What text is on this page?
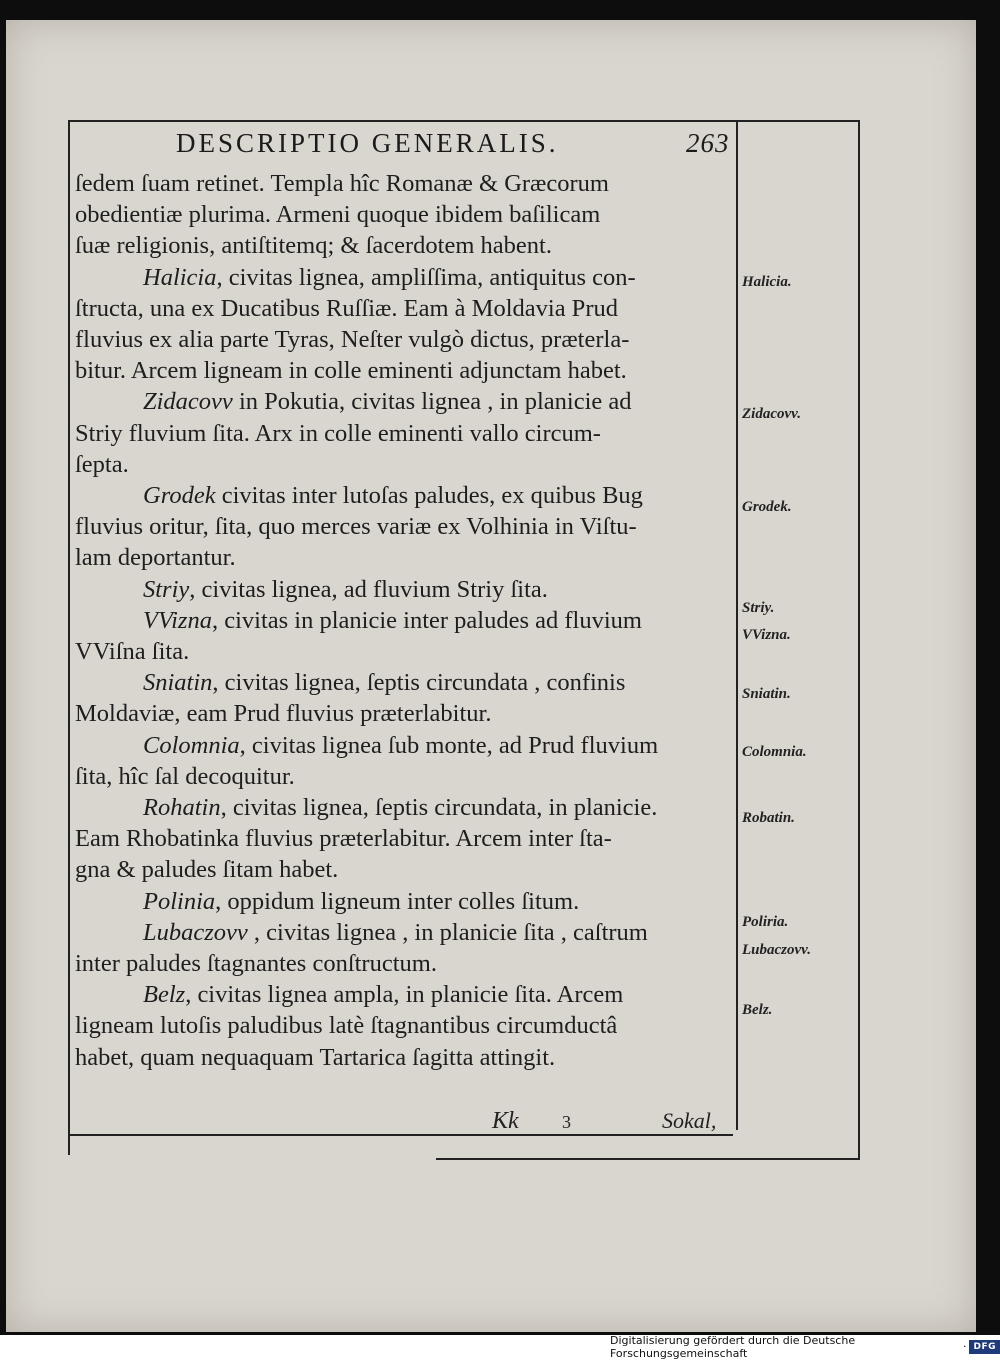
DESCRIPTIO GENERALIS.	263

ſedem ſuam retinet. Templa hîc Romanæ & Græcorum
obedientiæ plurima. Armeni quoque ibidem baſilicam
ſuæ religionis, antiſtitemq; & ſacerdotem habent.

Halicia, civitas lignea, ampliſſima, antiquitus con-
ſtructa, una ex Ducatibus Ruſſiæ. Eam à Moldavia Prud
fluvius ex alia parte Tyras, Neſter vulgò dictus, præterla-
bitur. Arcem ligneam in colle eminenti adjunctam habet.

Zidacovv in Pokutia, civitas lignea , in planicie ad
Striy fluvium ſita. Arx in colle eminenti vallo circum-
ſepta.

Grodek civitas inter lutoſas paludes, ex quibus Bug
fluvius oritur, ſita, quo merces variæ ex Volhinia in Viſtu-
lam deportantur.

Striy, civitas lignea, ad fluvium Striy ſita.

VVizna, civitas in planicie inter paludes ad fluvium
VViſna ſita.

Sniatin, civitas lignea, ſeptis circundata , confinis
Moldaviæ, eam Prud fluvius præterlabitur.

Colomnia, civitas lignea ſub monte, ad Prud fluvium
ſita, hîc ſal decoquitur.

Rohatin, civitas lignea, ſeptis circundata, in planicie.
Eam Rhobatinka fluvius præterlabitur. Arcem inter ſta-
gna & paludes ſitam habet.

Polinia, oppidum ligneum inter colles ſitum.

Lubaczovv , civitas lignea , in planicie ſita , caſtrum
inter paludes ſtagnantes conſtructum.

Belz, civitas lignea ampla, in planicie ſita. Arcem
ligneam lutoſis paludibus latè ſtagnantibus circumductâ
habet, quam nequaquam Tartarica ſagitta attingit.

Halicia.
Zidacovv.
Grodek.
Striy.
VVizna.
Sniatin.
Colomnia.
Robatin.
Poliria.
Lubaczovv.
Belz.
Kk 3	Sokal,
Digitalisierung gefördert durch die Deutsche Forschungsgemeinschaft	· DFG
